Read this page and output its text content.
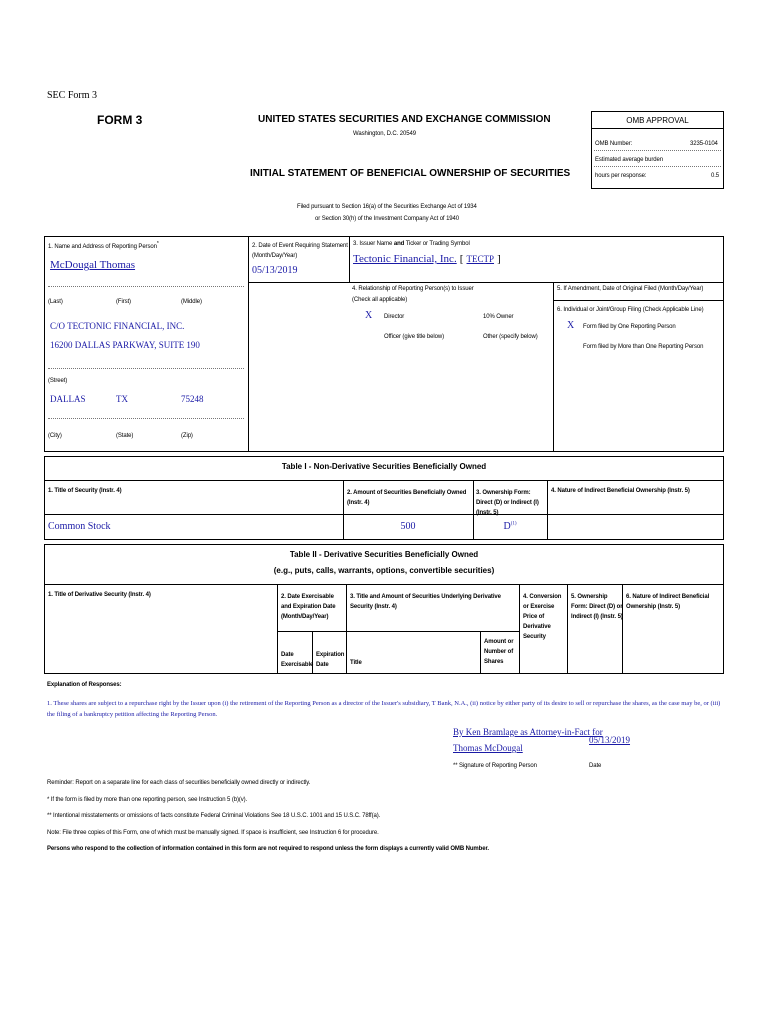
SEC Form 3
FORM 3	UNITED STATES SECURITIES AND EXCHANGE COMMISSION
Washington, D.C. 20549
INITIAL STATEMENT OF BENEFICIAL OWNERSHIP OF SECURITIES
Filed pursuant to Section 16(a) of the Securities Exchange Act of 1934
or Section 30(h) of the Investment Company Act of 1940
OMB APPROVAL
OMB Number:	3235-0104
Estimated average burden
hours per response:	0.5
1. Name and Address of Reporting Person*
McDougal Thomas
(Last)	(First)	(Middle)
C/O TECTONIC FINANCIAL, INC.
16200 DALLAS PARKWAY, SUITE 190
(Street)
DALLAS	TX	75248
(City)	(State)	(Zip)
2. Date of Event Requiring Statement (Month/Day/Year)
05/13/2019
3. Issuer Name and Ticker or Trading Symbol
Tectonic Financial, Inc. [ TECTP ]
4. Relationship of Reporting Person(s) to Issuer
(Check all applicable)
X Director	10% Owner
Officer (give title below)	Other (specify below)
5. If Amendment, Date of Original Filed (Month/Day/Year)
6. Individual or Joint/Group Filing (Check Applicable Line)
X Form filed by One Reporting Person
Form filed by More than One Reporting Person
Table I - Non-Derivative Securities Beneficially Owned
1. Title of Security (Instr. 4)	2. Amount of Securities Beneficially Owned (Instr. 4)
3. Ownership Form: Direct (D) or Indirect (I) (Instr. 5)
4. Nature of Indirect Beneficial Ownership (Instr. 5)
Common Stock	500	$D^{(1)}$
Table II - Derivative Securities Beneficially Owned
(e.g., puts, calls, warrants, options, convertible securities)
1. Title of Derivative Security (Instr. 4)	2. Date Exercisable and Expiration Date (Month/Day/Year)
3. Title and Amount of Securities Underlying Derivative Security (Instr. 4)
4. Conversion or Exercise Price of Derivative Security
5. Ownership Form: Direct (D) or Indirect (I) (Instr. 5)
6. Nature of Indirect Beneficial Ownership (Instr. 5)
Date Exercisable
Expiration Date	Title
Amount or Number of Shares
Explanation of Responses:
1. These shares are subject to a repurchase right by the Issuer upon (i) the retirement of the Reporting Person as a director of the Issuer's subsidiary, T Bank, N.A., (ii) notice by either party of its desire to sell or repurchase the shares, as the case may be, or (iii) the filing of a bankruptcy petition affecting the Reporting Person.
By Ken Bramlage as Attorney-in-Fact for
Thomas McDougal
05/13/2019
** Signature of Reporting Person	Date
Reminder: Report on a separate line for each class of securities beneficially owned directly or indirectly.
* If the form is filed by more than one reporting person, see Instruction 5 (b)(v).
** Intentional misstatements or omissions of facts constitute Federal Criminal Violations See 18 U.S.C. 1001 and 15 U.S.C. 78ff(a).
Note: File three copies of this Form, one of which must be manually signed. If space is insufficient, see Instruction 6 for procedure.
Persons who respond to the collection of information contained in this form are not required to respond unless the form displays a currently valid OMB Number.
